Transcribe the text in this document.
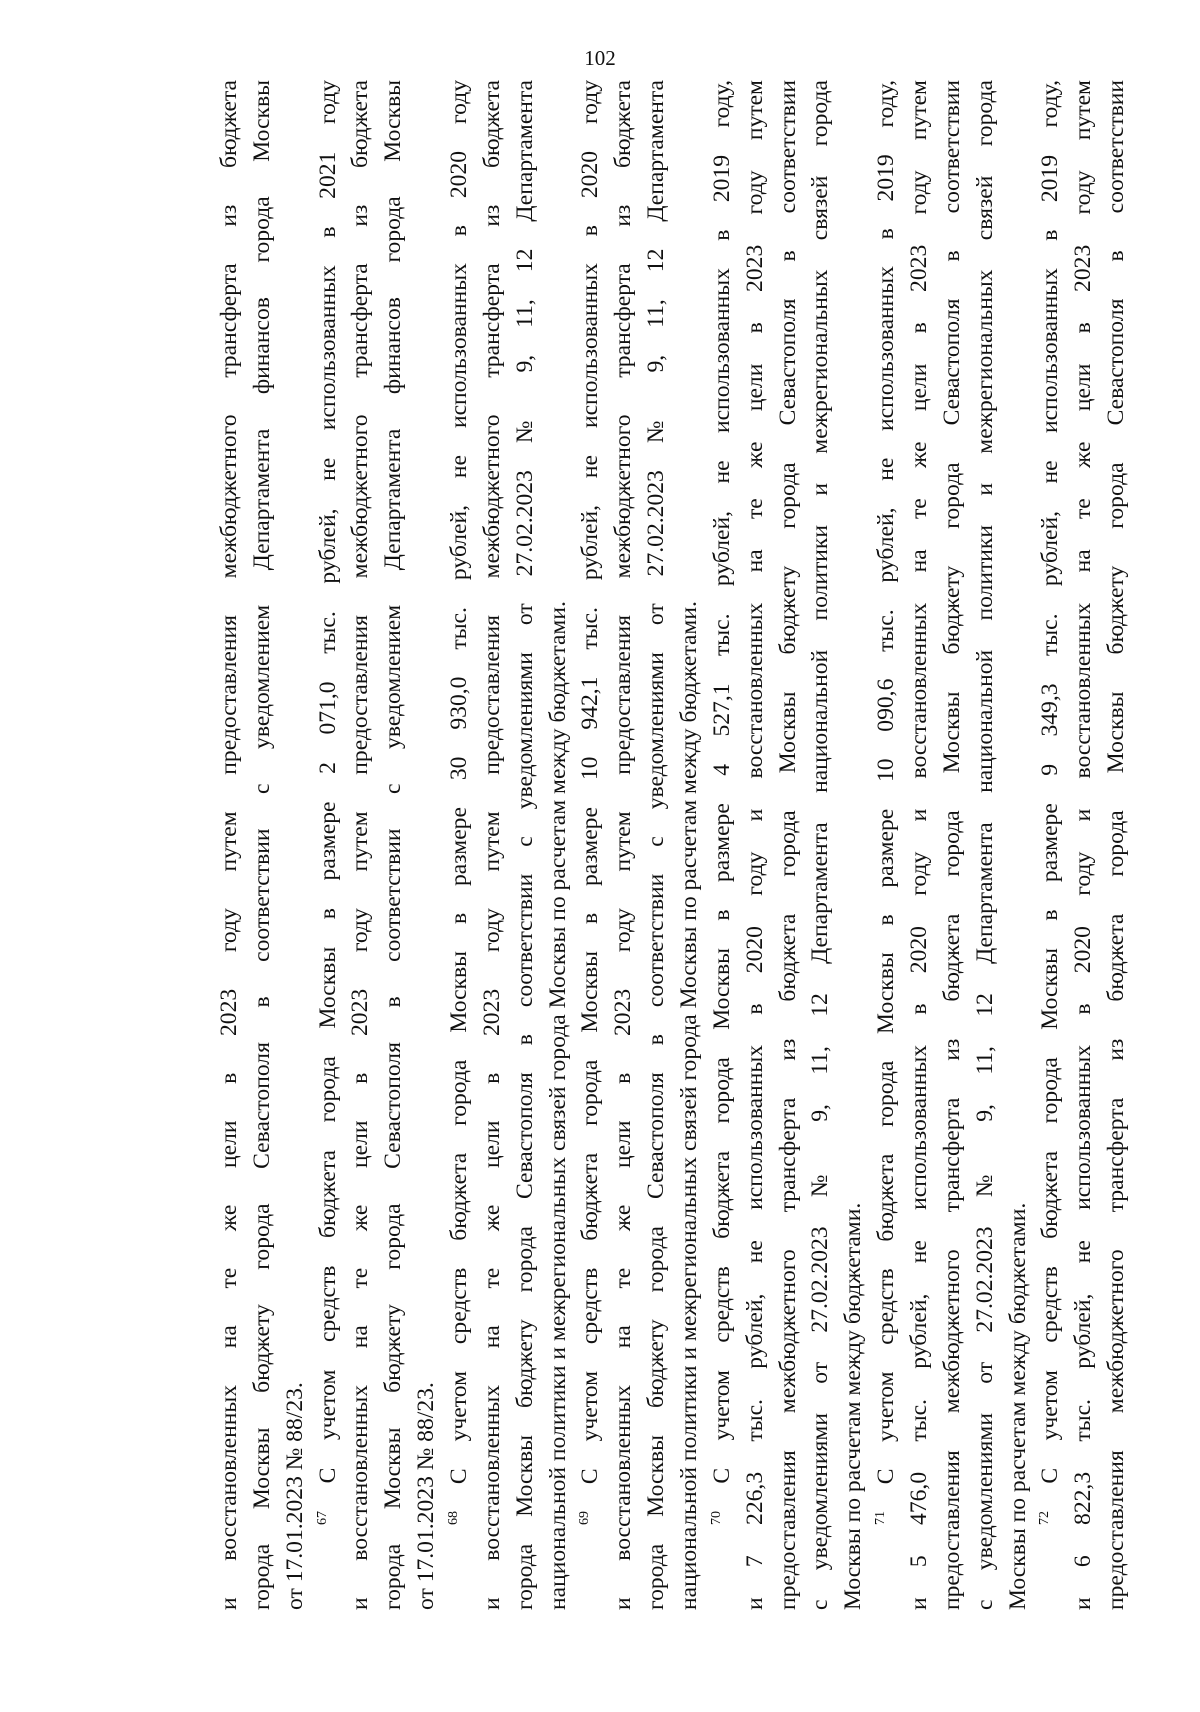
102
и восстановленных на те же цели в 2023 году путем предоставления межбюджетного трансферта из бюджета города Москвы бюджету города Севастополя в соответствии с уведомлением Департамента финансов города Москвы от 17.01.2023 № 88/23. $^{67}$ С учетом средств бюджета города Москвы в размере 2 071,0 тыс. рублей, не использованных в 2021 году и восстановленных на те же цели в 2023 году путем предоставления межбюджетного трансферта из бюджета города Москвы бюджету города Севастополя в соответствии с уведомлением Департамента финансов города Москвы от 17.01.2023 № 88/23. $^{68}$ С учетом средств бюджета города Москвы в размере 30 930,0 тыс. рублей, не использованных в 2020 году и восстановленных на те же цели в 2023 году путем предоставления межбюджетного трансферта из бюджета города Москвы бюджету города Севастополя в соответствии с уведомлениями от 27.02.2023 № 9, 11, 12 Департамента национальной политики и межрегиональных связей города Москвы по расчетам между бюджетами. $^{69}$ С учетом средств бюджета города Москвы в размере 10 942,1 тыс. рублей, не использованных в 2020 году и восстановленных на те же цели в 2023 году путем предоставления межбюджетного трансферта из бюджета города Москвы бюджету города Севастополя в соответствии с уведомлениями от 27.02.2023 № 9, 11, 12 Департамента национальной политики и межрегиональных связей города Москвы по расчетам между бюджетами. $^{70}$ С учетом средств бюджета города Москвы в размере 4 527,1 тыс. рублей, не использованных в 2019 году, и 7 226,3 тыс. рублей, не использованных в 2020 году и восстановленных на те же цели в 2023 году путем предоставления межбюджетного трансферта из бюджета города Москвы бюджету города Севастополя в соответствии с уведомлениями от 27.02.2023 № 9, 11, 12 Департамента национальной политики и межрегиональных связей города Москвы по расчетам между бюджетами. $^{71}$ С учетом средств бюджета города Москвы в размере 10 090,6 тыс. рублей, не использованных в 2019 году, и 5 476,0 тыс. рублей, не использованных в 2020 году и восстановленных на те же цели в 2023 году путем предоставления межбюджетного трансферта из бюджета города Москвы бюджету города Севастополя в соответствии с уведомлениями от 27.02.2023 № 9, 11, 12 Департамента национальной политики и межрегиональных связей города Москвы по расчетам между бюджетами. $^{72}$ С учетом средств бюджета города Москвы в размере 9 349,3 тыс. рублей, не использованных в 2019 году, и 6 822,3 тыс. рублей, не использованных в 2020 году и восстановленных на те же цели в 2023 году путем предоставления межбюджетного трансферта из бюджета города Москвы бюджету города Севастополя в соответствии
